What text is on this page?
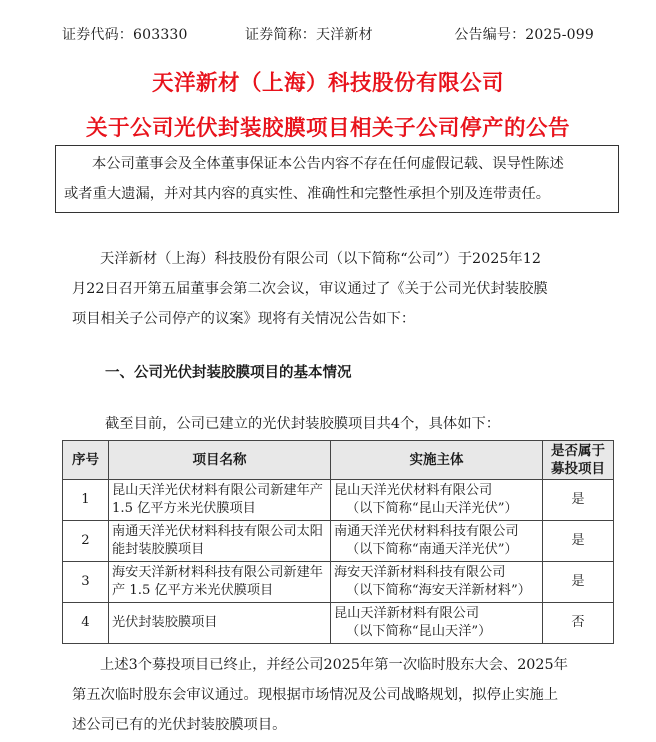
证券代码：603330	证券简称：天洋新材	公告编号：2025-099
天洋新材（上海）科技股份有限公司
关于公司光伏封装胶膜项目相关子公司停产的公告

本公司董事会及全体董事保证本公告内容不存在任何虚假记载、误导性陈述

或者重大遗漏，并对其内容的真实性、准确性和完整性承担个别及连带责任。

天洋新材（上海）科技股份有限公司（以下简称“公司”）于2025年12

月22日召开第五届董事会第二次会议，审议通过了《关于公司光伏封装胶膜

项目相关子公司停产的议案》现将有关情况公告如下：

一、公司光伏封装胶膜项目的基本情况
截至目前，公司已建立的光伏封装胶膜项目共4个，具体如下：
序号	项目名称	实施主体	是否属于
募投项目

1	昆山天洋光伏材料有限公司新建年产 1.5 亿平方米光伏膜项目	昆山天洋光伏材料有限公司
（以下简称“昆山天洋光伏”）	是
2	南通天洋光伏材料科技有限公司太阳能封装胶膜项目	南通天洋光伏材料科技有限公司
（以下简称“南通天洋光伏”）	是
3	海安天洋新材料科技有限公司新建年产 1.5 亿平方米光伏膜项目	海安天洋新材料科技有限公司
（以下简称“海安天洋新材料”）	是
4	光伏封装胶膜项目	昆山天洋新材料有限公司
（以下简称“昆山天洋”）	否

上述3个募投项目已终止，并经公司2025年第一次临时股东大会、2025年

第五次临时股东会审议通过。现根据市场情况及公司战略规划，拟停止实施上

述公司已有的光伏封装胶膜项目。
